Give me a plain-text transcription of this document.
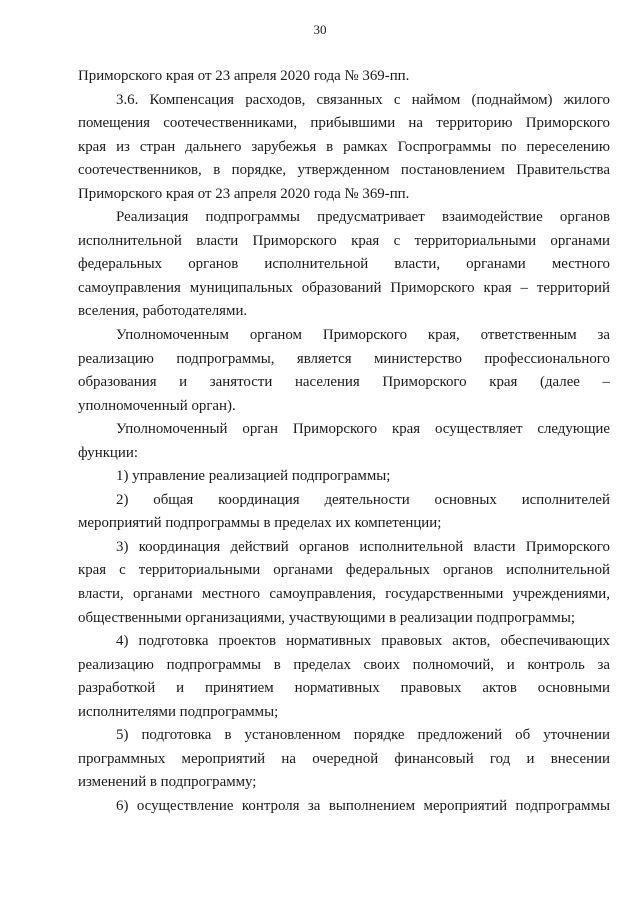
30

Приморского края от 23 апреля 2020 года № 369-пп.

3.6. Компенсация расходов, связанных с наймом (поднаймом) жилого
помещения соотечественниками, прибывшими на территорию Приморского
края из стран дальнего зарубежья в рамках Госпрограммы по переселению
соотечественников, в порядке, утвержденном постановлением Правительства
Приморского края от 23 апреля 2020 года № 369-пп.

Реализация подпрограммы предусматривает взаимодействие органов
исполнительной власти Приморского края с территориальными органами
федеральных органов исполнительной власти, органами местного
самоуправления муниципальных образований Приморского края – территорий
вселения, работодателями.

Уполномоченным органом Приморского края, ответственным за
реализацию подпрограммы, является министерство профессионального
образования и занятости населения Приморского края (далее –
уполномоченный орган).

Уполномоченный орган Приморского края осуществляет следующие
функции:

1) управление реализацией подпрограммы;

2) общая координация деятельности основных исполнителей
мероприятий подпрограммы в пределах их компетенции;

3) координация действий органов исполнительной власти Приморского
края с территориальными органами федеральных органов исполнительной
власти, органами местного самоуправления, государственными учреждениями,
общественными организациями, участвующими в реализации подпрограммы;

4) подготовка проектов нормативных правовых актов, обеспечивающих
реализацию подпрограммы в пределах своих полномочий, и контроль за
разработкой и принятием нормативных правовых актов основными
исполнителями подпрограммы;

5) подготовка в установленном порядке предложений об уточнении
программных мероприятий на очередной финансовый год и внесении
изменений в подпрограмму;

6) осуществление контроля за выполнением мероприятий подпрограммы
